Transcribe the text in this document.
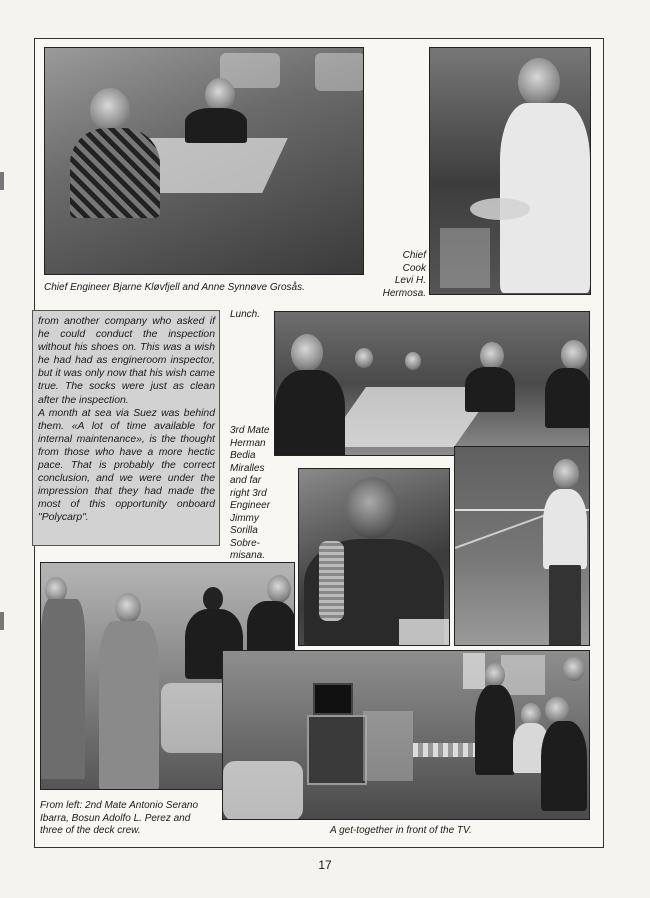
Chief Engineer Bjarne Kløvfjell and Anne Synnøve Grosås.
Chief
Cook
Levi H.
Hermosa.

from another company who asked if he could conduct the inspection without his shoes on. This was a wish he had had as engineroom inspector, but it was only now that his wish came true. The socks were just as clean after the inspection.

A month at sea via Suez was behind them. «A lot of time available for internal maintenance», is the thought from those who have a more hectic pace. That is probably the correct conclusion, and we were under the impression that they had made the most of this opportunity onboard "Polycarp".

Lunch.
3rd Mate
Herman
Bedia
Miralles
and far
right 3rd
Engineer
Jimmy
Sorilla
Sobre-
misana.
From left: 2nd Mate Antonio Serano
Ibarra, Bosun Adolfo L. Perez and
three of the deck crew.	A get-together in front of the TV.
17
